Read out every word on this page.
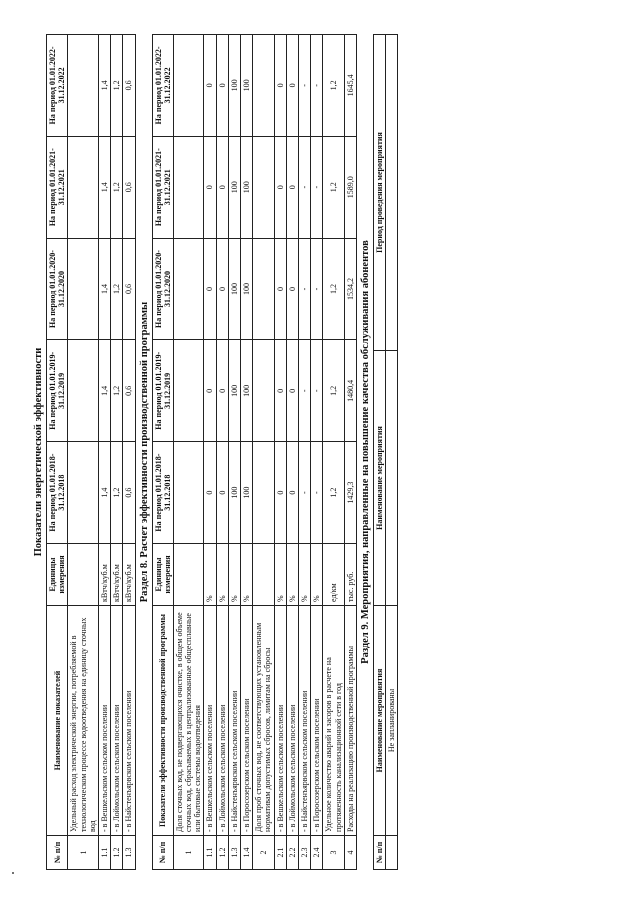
Показатели энергетической эффективности
№ п/п	Наименование показателей	Единицы измерения	На период 01.01.2018-31.12.2018	На период 01.01.2019-31.12.2019	На период 01.01.2020-31.12.2020	На период 01.01.2021-31.12.2021	На период 01.01.2022-31.12.2022
1	Удельный расход электрической энергии, потребляемой в технологическом процессе водоотведения на единицу сточных вод						
1.1	- в Вешкельском сельском поселении	кВтч/куб.м	1,4	1,4	1,4	1,4	1,4
1.2	- в Лоймольском сельском поселении	кВтч/куб.м	1,2	1,2	1,2	1,2	1,2
1.3	- в Найстенъярвском сельском поселении	кВтч/куб.м	0,6	0,6	0,6	0,6	0,6
Раздел 8. Расчет эффективности производственной программы
№ п/п	Показатели эффективности производственной программы	Единицы измерения	На период 01.01.2018-31.12.2018	На период 01.01.2019-31.12.2019	На период 01.01.2020-31.12.2020	На период 01.01.2021-31.12.2021	На период 01.01.2022-31.12.2022
1	Доля сточных вод, не подвергающихся очистке, в общем объеме сточных вод, сбрасываемых в централизованные общесплавные или бытовые системы водоотведения						
1.1	- в Вешкельском сельском поселении	%	0	0	0	0	0
1.2	- в Лоймольском сельском поселении	%	0	0	0	0	0
1.3	- в Найстенъярвском сельском поселении	%	100	100	100	100	100
1.4	- в Поросозерском сельском поселении	%	100	100	100	100	100
2	Доля проб сточных вод, не соответствующих установленным нормативам допустимых сбросов, лимитам на сбросы						
2.1	- в Вешкельском сельском поселении	%	0	0	0	0	0
2.2	- в Лоймольском сельском поселении	%	0	0	0	0	0
2.3	- в Найстенъярвском сельском поселении	%	-	-	-	-	-
2.4	- в Поросозерском сельском поселении	%	-	-	-	-	-
3	Удельное количество аварий и засоров в расчете на протяженность канализационной сети в год	ед/км	1,2	1,2	1,2	1,2	1,2
4	Расходы на реализацию производственной программы	тыс. руб.	1429,3	1480,4	1534,2	1589,0	1645,4
Раздел 9. Мероприятия, направленные на повышение качества обслуживания абонентов
№ п/п	Наименование мероприятия	Наименование мероприятия	Период проведения мероприятия
	Не запланированы		
